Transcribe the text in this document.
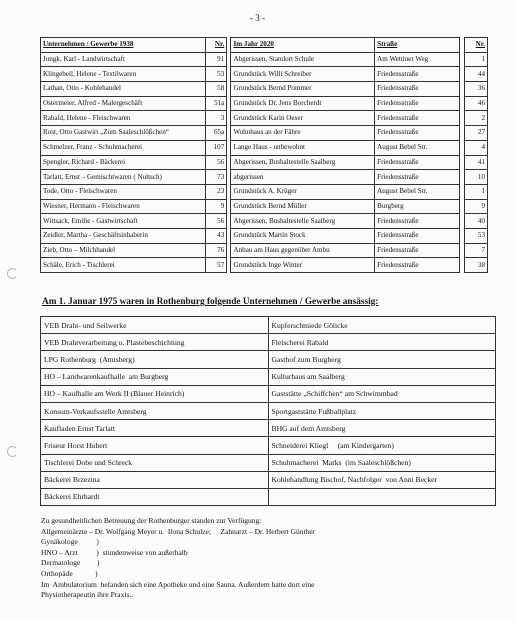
- 3 -
Unternehmen / Gewerbe 1938	Nr.		Im Jahr 2020	Straße		Nr.
Jungk, Karl - Landwirtschaft	91		Abgerissen, Standort Schule	Am Wettiner Weg		1
Klingebeil, Helene - Textilwaren	53		Grundstück Willi Schreiber	Friedensstraße		44
Lathan, Otto - Kohlehandel	58		Grundstück Bernd Pommer	Friedensstraße		36
Ostermeier, Alfred - Malergeschäft	51a		Grundstück Dr. Jens Borcherdt	Friedensstraße		46
Rabald, Helene - Fleischwaren	3		Grundstück Karin Oeser	Friedensstraße		2
Rost, Otto Gastwirt „Zum Saaleschlößchen“	65a		Wohnhaus an der Fähre	Friedensstraße		27
Schmelzer, Franz - Schuhmacherei	107		Lange Haus - unbewohnt	August Bebel Str.		4
Spengler, Richard - Bäckerei	56		Abgerissen, Bushaltestelle Saalberg	Friedensstraße		41
Tarlatt, Ernst – Gemischtwaren ( Nultsch)	73		abgerissen	Friedensstraße		10
Tode, Otto - Fleischwaren	23		Grundstück A. Krüger	August Bebel Str.		1
Wiesner, Hermann - Fleischwaren	9		Grundstück Bernd Müller	Burgberg		9
Wittsack, Emilie - Gastwirtschaft	56		Abgerissen, Bushaltestelle Saalberg	Friedensstraße		40
Zeidler, Martha - Geschäftsinhaberin	43		Grundstück Martin Stock	Friedensstraße		53
Zieb, Otto – Milchhandel	76		Anbau am Haus gegenüber Ambu	Friedensstraße		7
Schäle, Erich - Tischlerei	57		Grundstück Inge Winter	Friedensstraße		38
Am 1. Januar 1975 waren in Rothenburg folgende Unternehmen / Gewerbe ansässig:
VEB Draht- und Seilwerke	Kupferschmiede Gölicke
VEB Drahtverarbeitung u. Plastebeschichtung	Fleischerei Rabald
LPG Rothenburg  (Amtsberg)	Gasthof zum Burgberg
HO – Landwarenkaufhalle  am Burgberg	Kulturhaus am Saalberg
HO – Kaufhalle am Werk II (Blauer Heinrich)	Gaststätte „Schiffchen“ am Schwimmbad
Konsum-Verkaufsstelle Amtsberg	Sportgaststätte Fußballplatz
Kaufladen Ernst Tarlatt	BHG auf dem Amtsberg
Friseur Horst Hubert	Schneiderei Kliegl     (am Kindergarten)
Tischlerei Dobe und Schreck	Schuhmacherei  Marks  (im Saaleschlößchen)
Bäckerei Brzezina	Kohlehandlung Bischof, Nachfolger  von Anni Becker
Bäckerei Ehrhardt	
Zu gesundheitlichen Betreuung der Rothenburger standen zur Verfügung:
Allgemeinärzte – Dr. Wolfgang Meyer u.  Ilona Schulze;     Zahnarzt – Dr. Herbert Günther
Gynäkologe          )
HNO – Arzt          )  stundenweise von außerhalb
Dermatologe         )
Orthopäde            )
Im  Ambulatorium  befanden sich eine Apotheke und eine Sauna. Außerdem hatte dort eine
Physiotherapeutin ihre Praxis..
